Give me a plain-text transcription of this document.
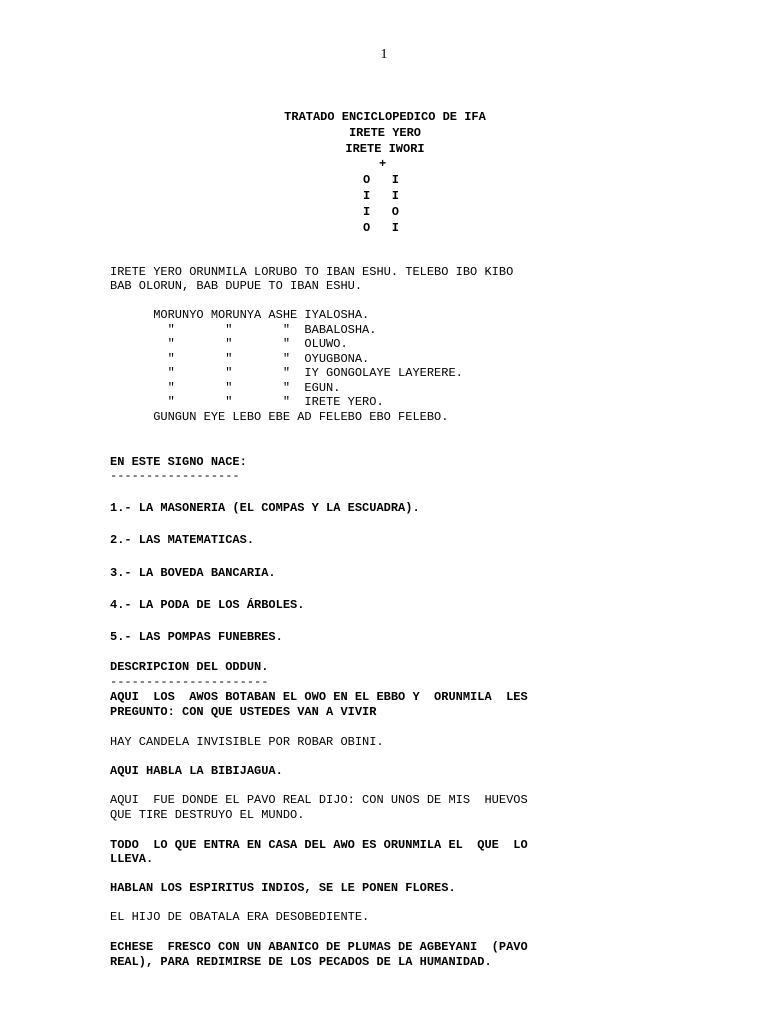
1
TRATADO ENCICLOPEDICO DE IFA
IRETE YERO
IRETE IWORI
+
O   I
I   I
I   O
O   I
IRETE YERO ORUNMILA LORUBO TO IBAN ESHU. TELEBO IBO KIBO
BAB OLORUN, BAB DUPUE TO IBAN ESHU.
MORUNYO MORUNYA ASHE IYALOSHA.
"       "       "  BABALOSHA.
"       "       "  OLUWO.
"       "       "  OYUGBONA.
"       "       "  IY GONGOLAYE LAYERERE.
"       "       "  EGUN.
"       "       "  IRETE YERO.
GUNGUN EYE LEBO EBE AD FELEBO EBO FELEBO.
EN ESTE SIGNO NACE:
------------------
1.- LA MASONERIA (EL COMPAS Y LA ESCUADRA).
2.- LAS MATEMATICAS.
3.- LA BOVEDA BANCARIA.
4.- LA PODA DE LOS ÁRBOLES.
5.- LAS POMPAS FUNEBRES.
DESCRIPCION DEL ODDUN.
----------------------
AQUI  LOS  AWOS BOTABAN EL OWO EN EL EBBO Y  ORUNMILA  LES
PREGUNTO: CON QUE USTEDES VAN A VIVIR
HAY CANDELA INVISIBLE POR ROBAR OBINI.
AQUI HABLA LA BIBIJAGUA.
AQUI  FUE DONDE EL PAVO REAL DIJO: CON UNOS DE MIS  HUEVOS
QUE TIRE DESTRUYO EL MUNDO.
TODO  LO QUE ENTRA EN CASA DEL AWO ES ORUNMILA EL  QUE  LO
LLEVA.
HABLAN LOS ESPIRITUS INDIOS, SE LE PONEN FLORES.
EL HIJO DE OBATALA ERA DESOBEDIENTE.
ECHESE  FRESCO CON UN ABANICO DE PLUMAS DE AGBEYANI  (PAVO
REAL), PARA REDIMIRSE DE LOS PECADOS DE LA HUMANIDAD.
